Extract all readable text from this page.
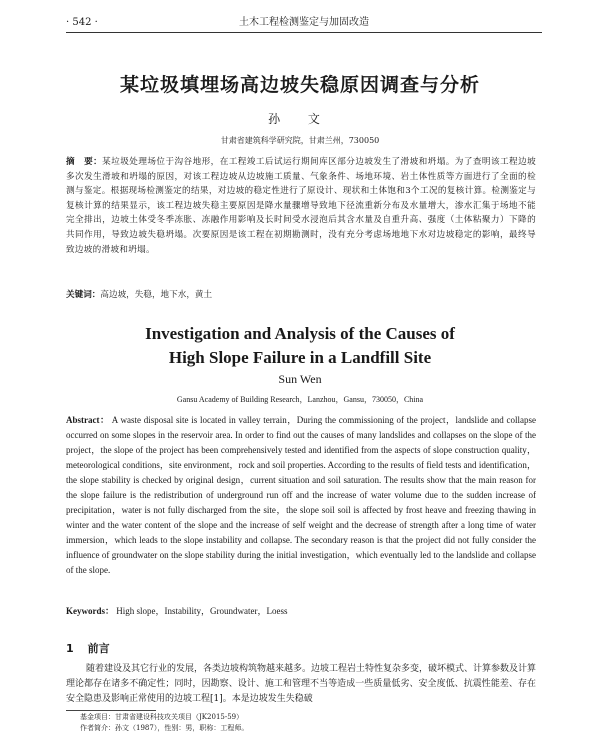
· 542 ·	土木工程检测鉴定与加固改造
某垃圾填埋场高边坡失稳原因调查与分析
孙 文
甘肃省建筑科学研究院，甘肃兰州，730050
摘　要：某垃圾处理场位于沟谷地形，在工程竣工后试运行期间库区部分边坡发生了滑坡和坍塌。为了查明该工程边坡多次发生滑坡和坍塌的原因，对该工程边坡从边坡施工质量、气象条件、场地环境、岩土体性质等方面进行了全面的检测与鉴定。根据现场检测鉴定的结果，对边坡的稳定性进行了原设计、现状和土体饱和3个工况的复核计算。检测鉴定与复核计算的结果显示，该工程边坡失稳主要原因是降水量骤增导致地下径流重新分布及水量增大，渗水汇集于场地不能完全排出，边坡土体受冬季冻胀、冻融作用影响及长时间受水浸泡后其含水量及自重升高、强度（土体粘聚力）下降的共同作用，导致边坡失稳坍塌。次要原因是该工程在初期勘测时，没有充分考虑场地地下水对边坡稳定的影响，最终导致边坡的滑坡和坍塌。
关键词：高边坡，失稳，地下水，黄土
Investigation and Analysis of the Causes of
High Slope Failure in a Landfill Site
Sun Wen
Gansu Academy of Building Research，Lanzhou，Gansu，730050，China
Abstract： A waste disposal site is located in valley terrain，During the commissioning of the project，landslide and collapse occurred on some slopes in the reservoir area. In order to find out the causes of many landslides and collapses on the slope of the project，the slope of the project has been comprehensively tested and identified from the aspects of slope construction quality，meteorological conditions，site environment，rock and soil properties. According to the results of field tests and identification，the slope stability is checked by original design，current situation and soil saturation. The results show that the main reason for the slope failure is the redistribution of underground run off and the increase of water volume due to the sudden increase of precipitation，water is not fully discharged from the site，the slope soil soil is affected by frost heave and freezing thawing in winter and the water content of the slope and the increase of self weight and the decrease of strength after a long time of water immersion，which leads to the slope instability and collapse. The secondary reason is that the project did not fully consider the influence of groundwater on the slope stability during the initial investigation，which eventually led to the landslide and collapse of the slope.
Keywords： High slope，Instability，Groundwater，Loess
1 前言
随着建设及其它行业的发展，各类边坡构筑物越来越多。边坡工程岩土特性复杂多变，破坏模式、计算参数及计算理论都存在诸多不确定性；同时，因勘察、设计、施工和管理不当等造成一些质量低劣、安全度低、抗震性能差、存在安全隐患及影响正常使用的边坡工程[1]。本是边坡发生失稳破
基金项目：甘肃省建设科技攻关项目（JK2015-59）
作者简介：孙文（1987），性别：男，职称：工程师。
